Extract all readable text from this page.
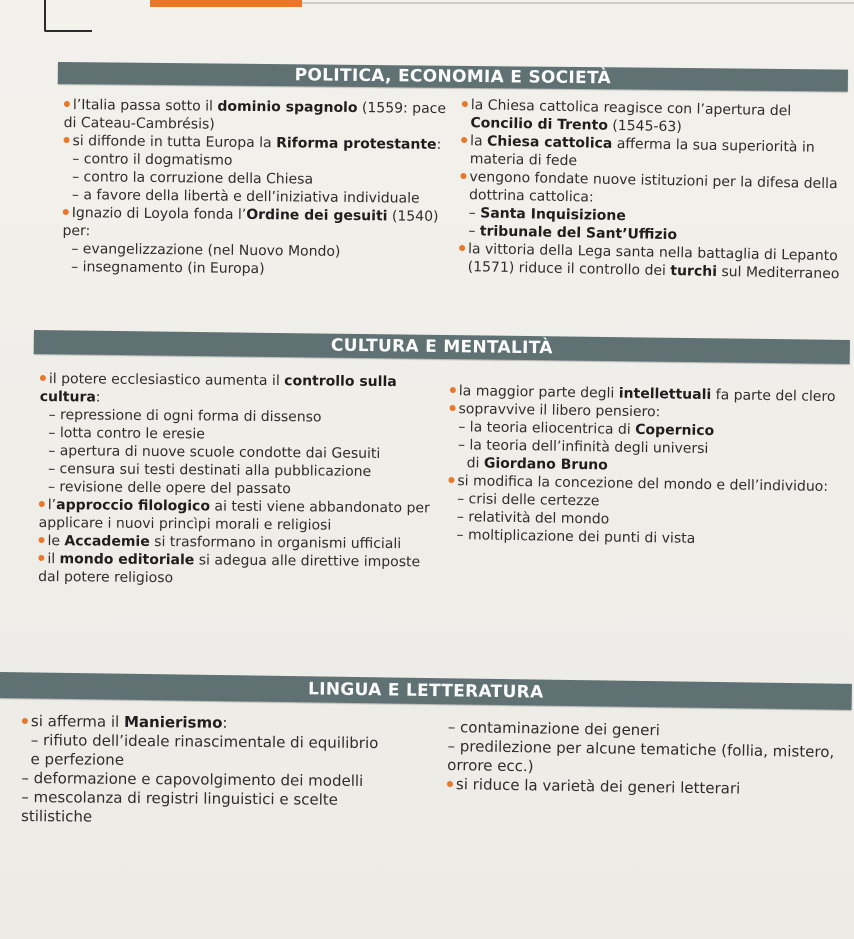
POLITICA, ECONOMIA E SOCIETÀ
l’Italia passa sotto il dominio spagnolo (1559: pace
di Cateau-Cambrésis)
si diffonde in tutta Europa la Riforma protestante:
– contro il dogmatismo
– contro la corruzione della Chiesa
– a favore della libertà e dell’iniziativa individuale
Ignazio di Loyola fonda l’Ordine dei gesuiti (1540)
per:
– evangelizzazione (nel Nuovo Mondo)
– insegnamento (in Europa)
la Chiesa cattolica reagisce con l’apertura del
Concilio di Trento (1545-63)
la Chiesa cattolica afferma la sua superiorità in
materia di fede
vengono fondate nuove istituzioni per la difesa della
dottrina cattolica:
– Santa Inquisizione
– tribunale del Sant’Uffizio
la vittoria della Lega santa nella battaglia di Lepanto
(1571) riduce il controllo dei turchi sul Mediterraneo
CULTURA E MENTALITÀ
il potere ecclesiastico aumenta il controllo sulla
cultura:
– repressione di ogni forma di dissenso
– lotta contro le eresie
– apertura di nuove scuole condotte dai Gesuiti
– censura sui testi destinati alla pubblicazione
– revisione delle opere del passato
l’approccio filologico ai testi viene abbandonato per
applicare i nuovi princìpi morali e religiosi
le Accademie si trasformano in organismi ufficiali
il mondo editoriale si adegua alle direttive imposte
dal potere religioso
la maggior parte degli intellettuali fa parte del clero
sopravvive il libero pensiero:
– la teoria eliocentrica di Copernico
– la teoria dell’infinità degli universi
di Giordano Bruno
si modifica la concezione del mondo e dell’individuo:
– crisi delle certezze
– relatività del mondo
– moltiplicazione dei punti di vista
LINGUA E LETTERATURA
si afferma il Manierismo:
– rifiuto dell’ideale rinascimentale di equilibrio
e perfezione
– deformazione e capovolgimento dei modelli
– mescolanza di registri linguistici e scelte
stilistiche
– contaminazione dei generi
– predilezione per alcune tematiche (follia, mistero,
orrore ecc.)
si riduce la varietà dei generi letterari
